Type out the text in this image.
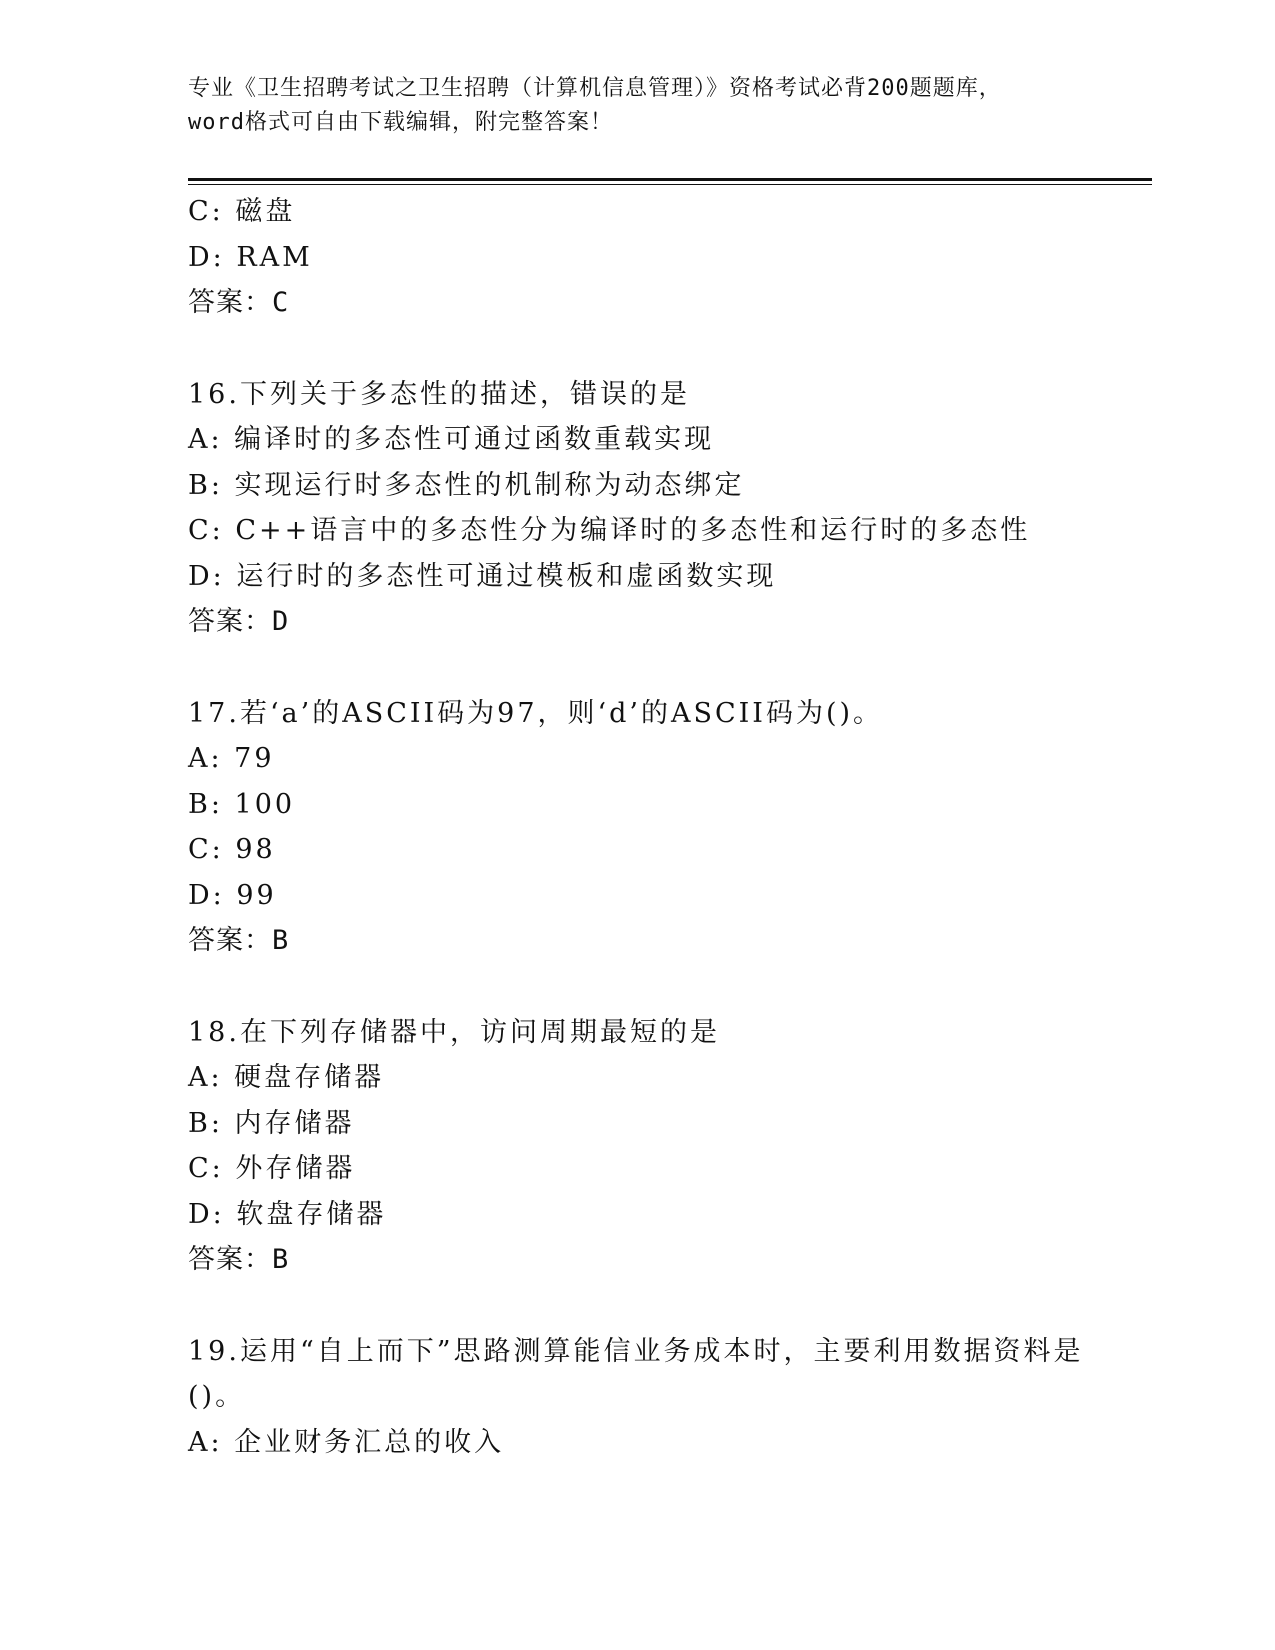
专业《卫生招聘考试之卫生招聘（计算机信息管理）》资格考试必背200题题库，
word格式可自由下载编辑，附完整答案！
C: 磁盘
D: RAM
答案：C
16.下列关于多态性的描述，错误的是
A: 编译时的多态性可通过函数重载实现
B: 实现运行时多态性的机制称为动态绑定
C: C++语言中的多态性分为编译时的多态性和运行时的多态性
D: 运行时的多态性可通过模板和虚函数实现
答案：D
17.若‘a’的ASCII码为97，则‘d’的ASCII码为()。
A: 79
B: 100
C: 98
D: 99
答案：B
18.在下列存储器中，访问周期最短的是
A: 硬盘存储器
B: 内存储器
C: 外存储器
D: 软盘存储器
答案：B
19.运用“自上而下”思路测算能信业务成本时，主要利用数据资料是
()。
A: 企业财务汇总的收入
